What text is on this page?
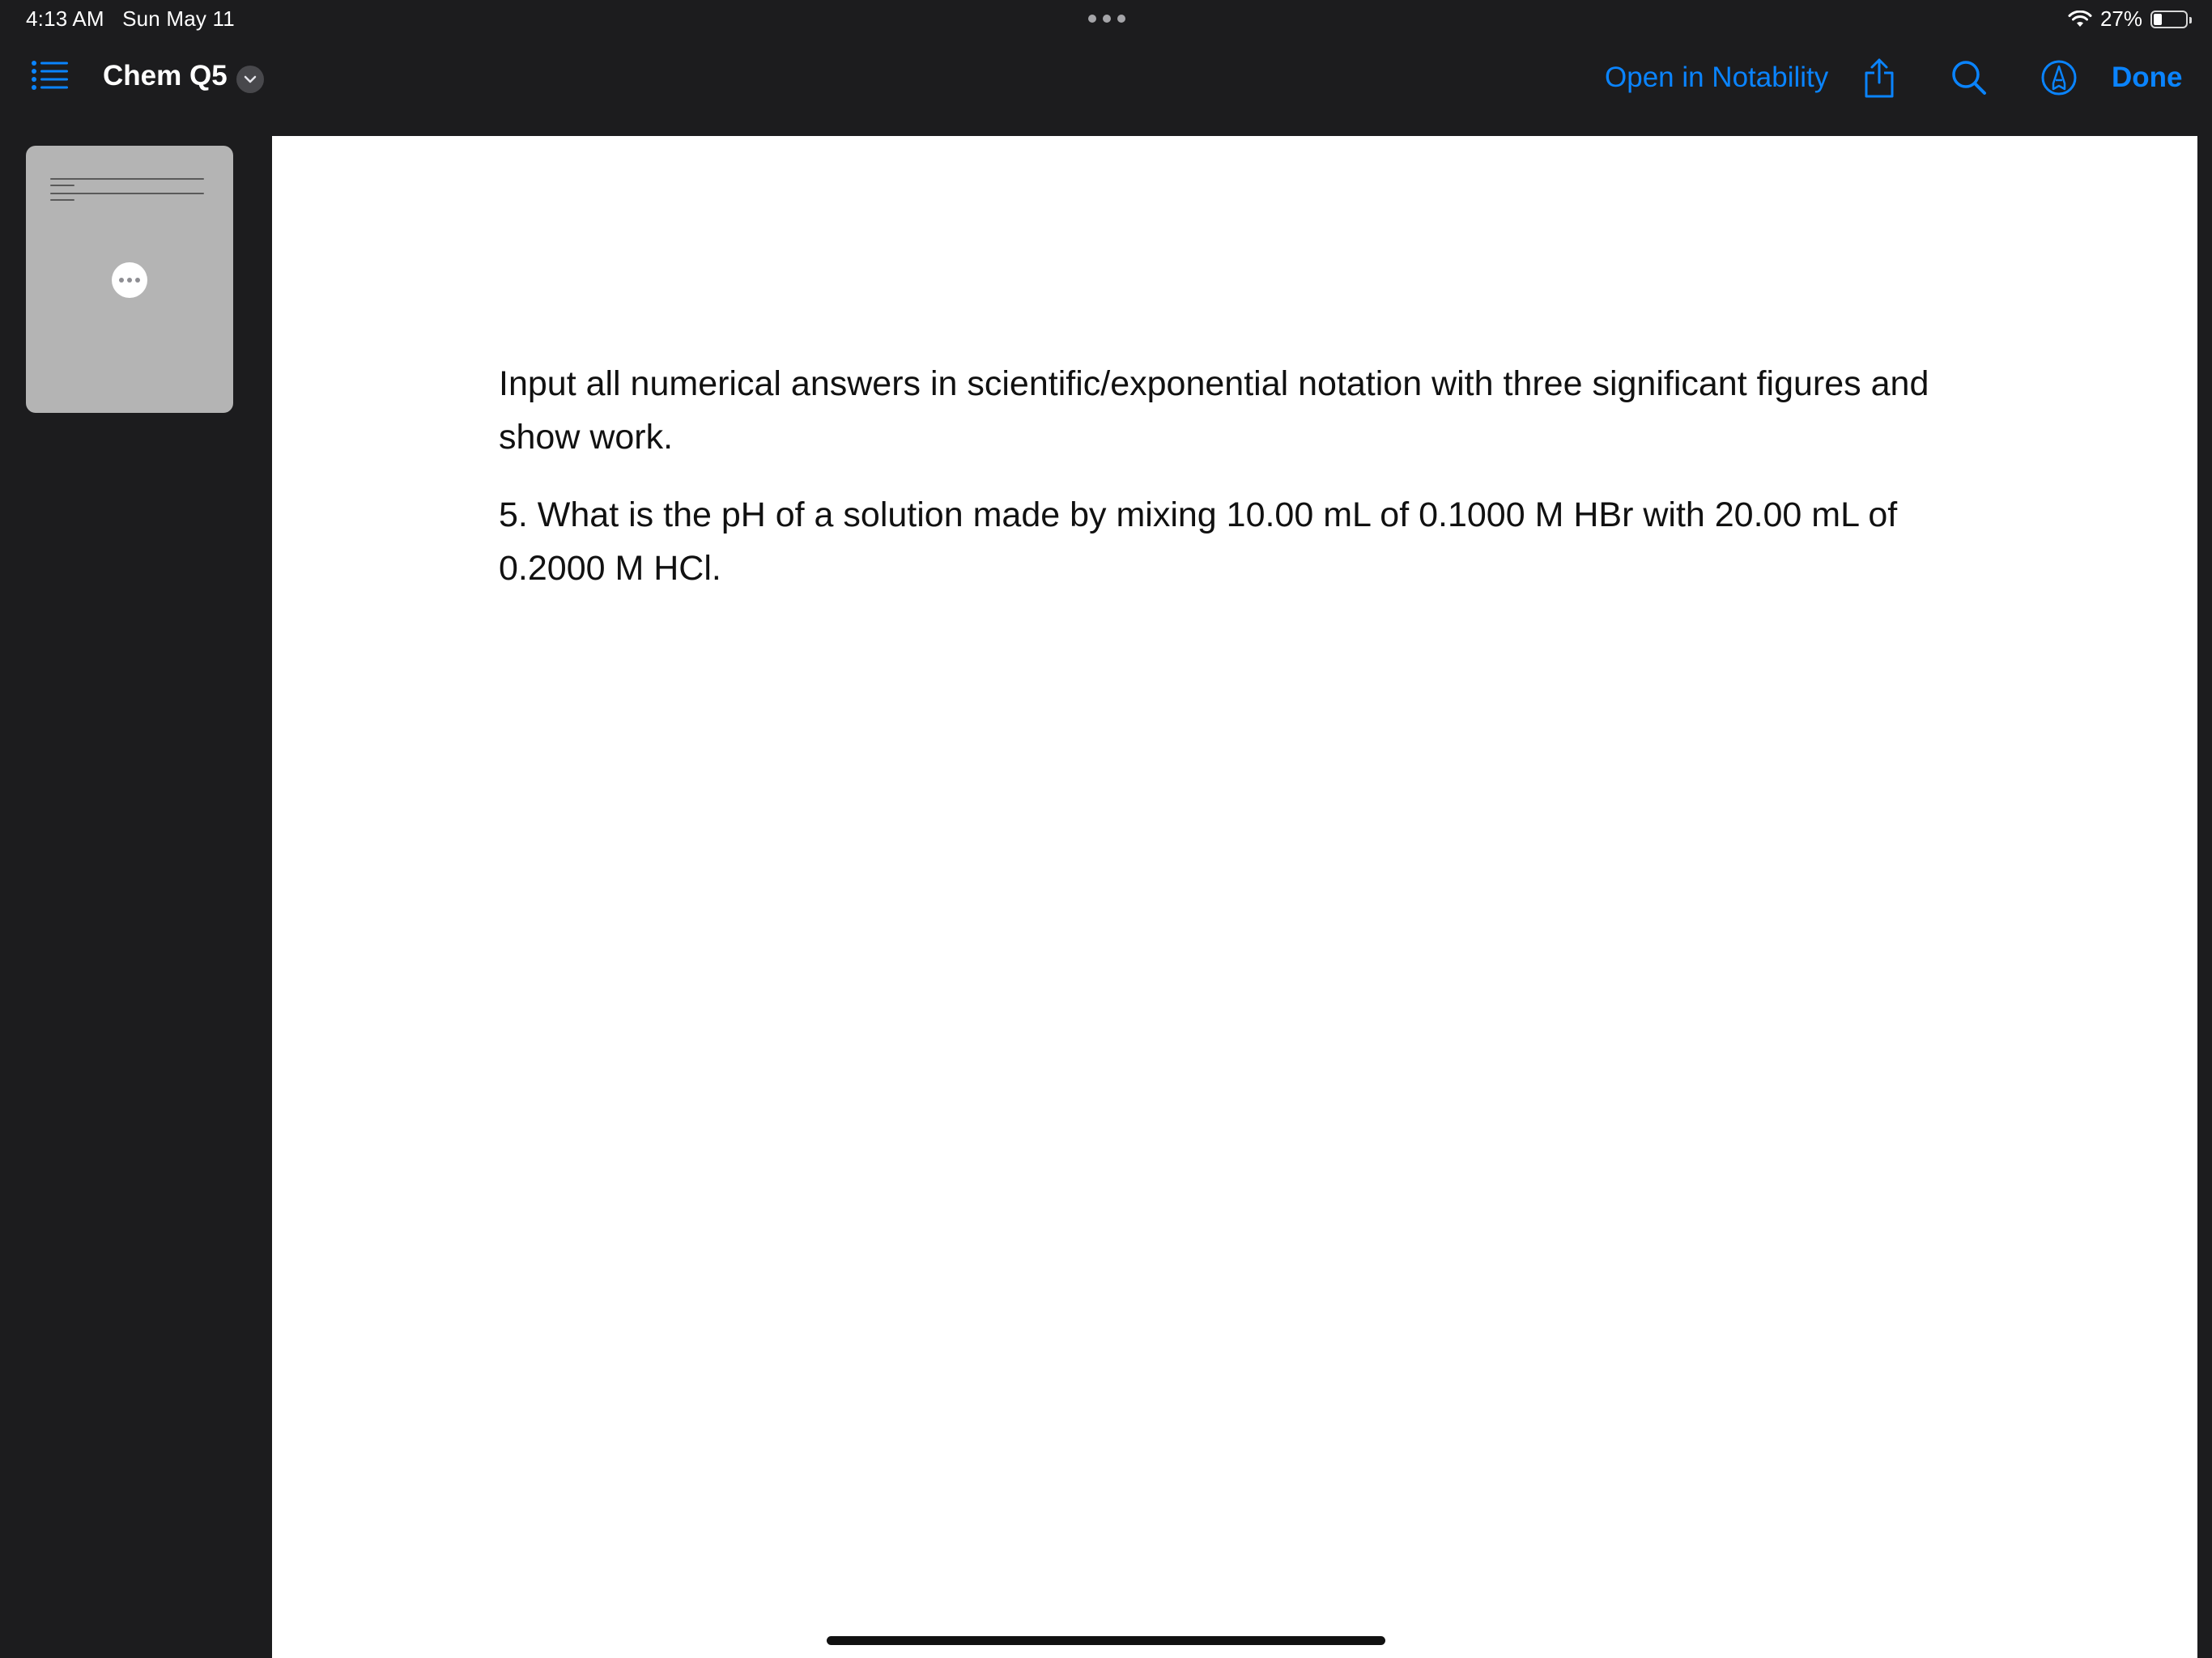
4:13 AM Sun May 11	27%
Chem Q5	Open in Notability	Done

Input all numerical answers in scientific/exponential notation with three significant figures and show work.

5. What is the pH of a solution made by mixing 10.00 mL of 0.1000 M HBr with 20.00 mL of 0.2000 M HCl.
